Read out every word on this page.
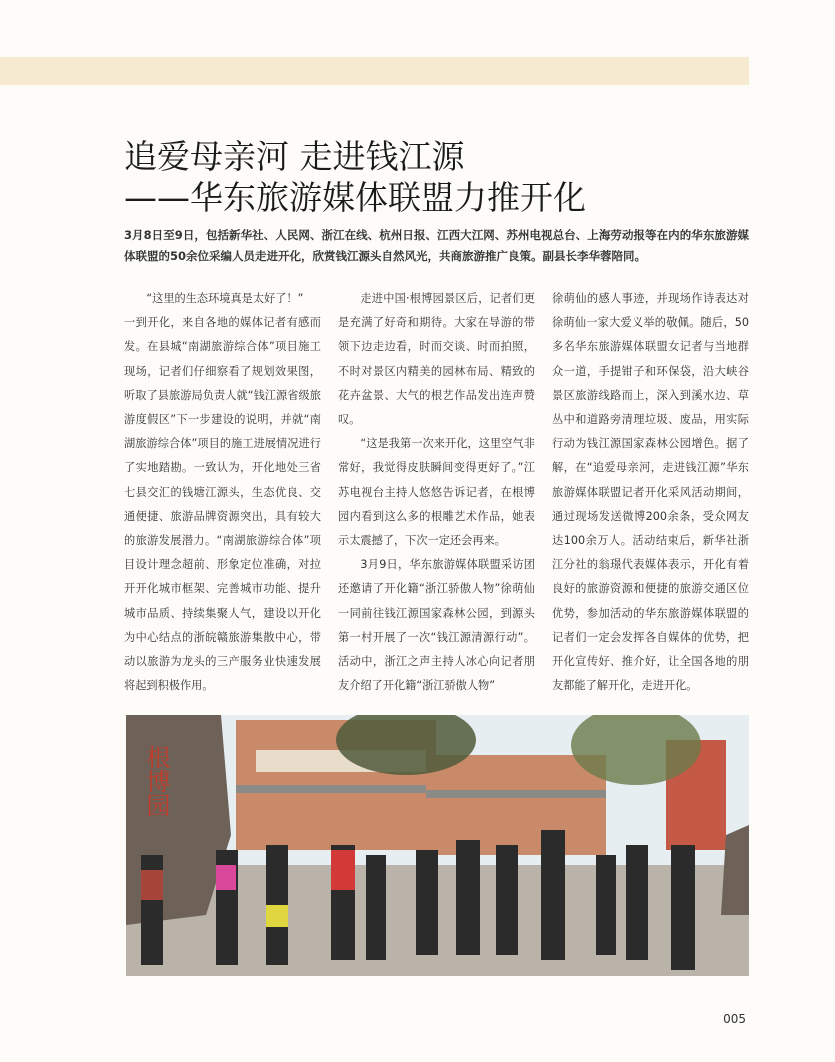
追爱母亲河 走进钱江源
——华东旅游媒体联盟力推开化
3月8日至9日，包括新华社、人民网、浙江在线、杭州日报、江西大江网、苏州电视总台、上海劳动报等在内的华东旅游媒体联盟的50余位采编人员走进开化，欣赏钱江源头自然风光，共商旅游推广良策。副县长李华蓉陪同。

“这里的生态环境真是太好了！”

一到开化，来自各地的媒体记者有感而发。在县城“南湖旅游综合体”项目施工现场，记者们仔细察看了规划效果图，听取了县旅游局负责人就“钱江源省级旅游度假区”下一步建设的说明，并就“南湖旅游综合体”项目的施工进展情况进行了实地踏勘。一致认为，开化地处三省七县交汇的钱塘江源头，生态优良、交通便捷、旅游品牌资源突出，具有较大的旅游发展潜力。“南湖旅游综合体”项目设计理念超前、形象定位准确，对拉开开化城市框架、完善城市功能、提升城市品质、持续集聚人气，建设以开化为中心结点的浙皖赣旅游集散中心，带动以旅游为龙头的三产服务业快速发展将起到积极作用。

走进中国·根博园景区后，记者们更是充满了好奇和期待。大家在导游的带领下边走边看，时而交谈、时而拍照，不时对景区内精美的园林布局、精致的花卉盆景、大气的根艺作品发出连声赞叹。

“这是我第一次来开化，这里空气非常好，我觉得皮肤瞬间变得更好了。”江苏电视台主持人悠悠告诉记者，在根博园内看到这么多的根雕艺术作品，她表示太震撼了，下次一定还会再来。

3月9日，华东旅游媒体联盟采访团还邀请了开化籍“浙江骄傲人物”徐萌仙一同前往钱江源国家森林公园，到源头第一村开展了一次“钱江源清源行动”。活动中，浙江之声主持人冰心向记者朋友介绍了开化籍“浙江骄傲人物”

徐萌仙的感人事迹，并现场作诗表达对徐萌仙一家大爱义举的敬佩。随后，50多名华东旅游媒体联盟女记者与当地群众一道，手提钳子和环保袋，沿大峡谷景区旅游线路而上，深入到溪水边、草丛中和道路旁清理垃圾、废品，用实际行动为钱江源国家森林公园增色。据了解，在“追爱母亲河，走进钱江源”华东旅游媒体联盟记者开化采风活动期间，通过现场发送微博200余条，受众网友达100余万人。活动结束后，新华社浙江分社的翁璟代表媒体表示，开化有着良好的旅游资源和便捷的旅游交通区位优势，参加活动的华东旅游媒体联盟的记者们一定会发挥各自媒体的优势，把开化宣传好、推介好，让全国各地的朋友都能了解开化，走进开化。

根博园
005
